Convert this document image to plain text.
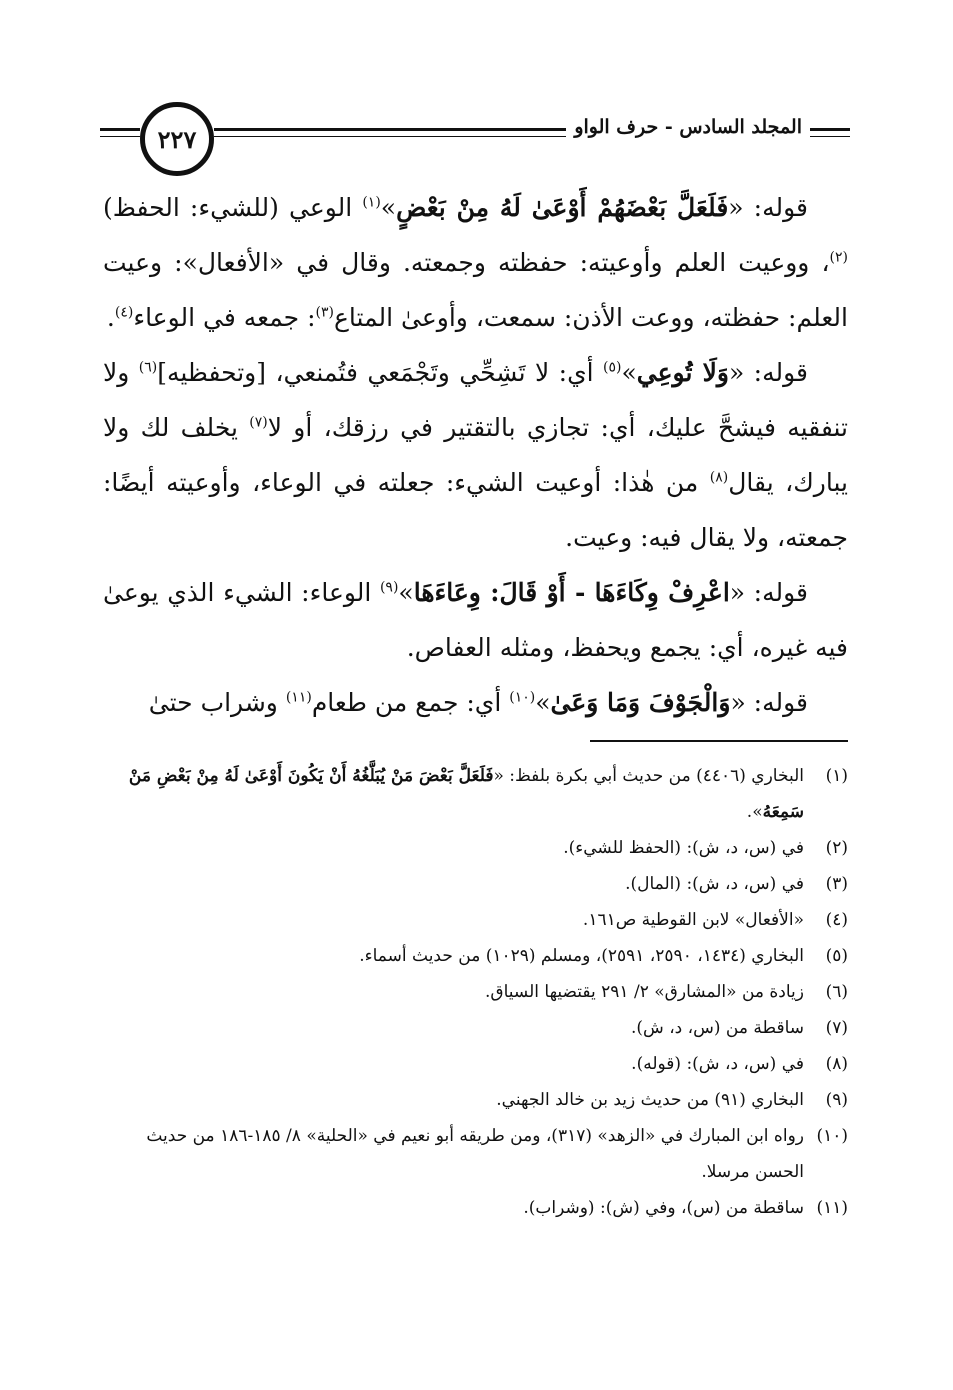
٢٢٧	المجلد السادس - حرف الواو

قوله: «فَلَعَلَّ بَعْضَهُمْ أَوْعَىٰ لَهُ مِنْ بَعْضٍ»$^{(١)}$ الوعي (للشيء: الحفظ)$^{(٢)}$، ووعيت العلم وأوعيته: حفظته وجمعته. وقال في «الأفعال»: وعيت العلم: حفظته، ووعت الأذن: سمعت، وأوعىٰ المتاع$^{(٣)}$: جمعه في الوعاء$^{(٤)}$.

قوله: «وَلَا تُوعِي»$^{(٥)}$ أي: لا تَشِحِّي وتَجْمَعي فتُمنعي، [وتحفظيه]$^{(٦)}$ ولا تنفقيه فيشحَّ عليك، أي: تجازي بالتقتير في رزقك، أو لا$^{(٧)}$ يخلف لك ولا يبارك، يقال$^{(٨)}$ من هٰذا: أوعيت الشيء: جعلته في الوعاء، وأوعيته أيضًا: جمعته، ولا يقال فيه: وعيت.

قوله: «اعْرِفْ وِكَاءَهَا - أَوْ قَالَ: وِعَاءَهَا»$^{(٩)}$ الوعاء: الشيء الذي يوعىٰ فيه غيره، أي: يجمع ويحفظ، ومثله العفاص.

قوله: «وَالْجَوْفَ وَمَا وَعَىٰ»$^{(١٠)}$ أي: جمع من طعام$^{(١١)}$ وشراب حتىٰ

(١)
البخاري (٤٤٠٦) من حديث أبي بكرة بلفظ: «فَلَعَلَّ بَعْضَ مَنْ يُبَلَّغُهُ أَنْ يَكُونَ أَوْعَىٰ لَهُ مِنْ بَعْضِ مَنْ سَمِعَهُ».
(٢)
في (س، د، ش): (الحفظ للشيء).
(٣)
في (س، د، ش): (المال).
(٤)
«الأفعال» لابن القوطية ص١٦١.
(٥)
البخاري (١٤٣٤، ٢٥٩٠، ٢٥٩١)، ومسلم (١٠٢٩) من حديث أسماء.
(٦)
زيادة من «المشارق» ٢/ ٢٩١ يقتضيها السياق.
(٧)
ساقطة من (س، د، ش).
(٨)
في (س، د، ش): (قوله).
(٩)
البخاري (٩١) من حديث زيد بن خالد الجهني.
(١٠)
رواه ابن المبارك في «الزهد» (٣١٧)، ومن طريقه أبو نعيم في «الحلية» ٨/ ١٨٥-١٨٦ من حديث الحسن مرسلا.
(١١)
ساقطة من (س)، وفي (ش): (وشراب).
